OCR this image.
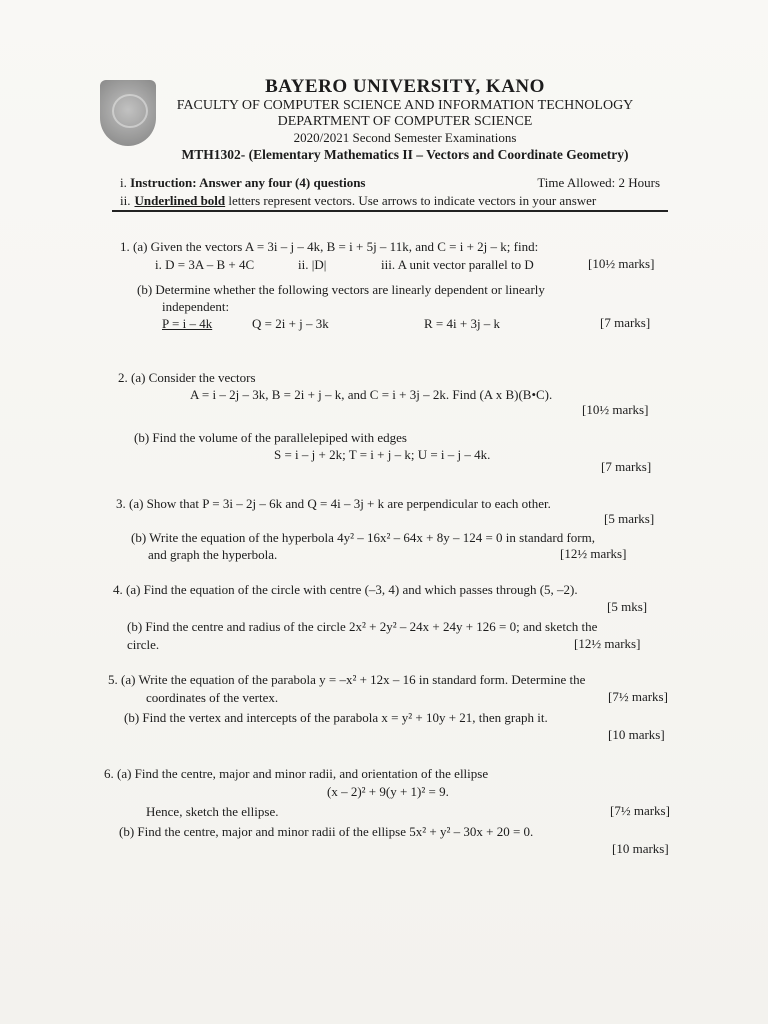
BAYERO UNIVERSITY, KANO
FACULTY OF COMPUTER SCIENCE AND INFORMATION TECHNOLOGY
DEPARTMENT OF COMPUTER SCIENCE
2020/2021 Second Semester Examinations
MTH1302- (Elementary Mathematics II – Vectors and Coordinate Geometry)
i. Instruction: Answer any four (4) questions	Time Allowed: 2 Hours
ii. Underlined bold letters represent vectors. Use arrows to indicate vectors in your answer
1. (a) Given the vectors A = 3i – j – 4k, B = i + 5j – 11k, and C = i + 2j – k; find:
i. D = 3A – B + 4C	ii. |D|	iii. A unit vector parallel to D	[10½ marks]
(b) Determine whether the following vectors are linearly dependent or linearly
independent:
P = i – 4k	Q = 2i + j – 3k	R = 4i + 3j – k	[7 marks]
2. (a) Consider the vectors
A = i – 2j – 3k, B = 2i + j – k, and C = i + 3j – 2k. Find (A x B)(B•C).
[10½ marks]
(b) Find the volume of the parallelepiped with edges
S = i – j + 2k; T = i + j – k; U = i – j – 4k.
[7 marks]
3. (a) Show that P = 3i – 2j – 6k and Q = 4i – 3j + k are perpendicular to each other.
[5 marks]
(b) Write the equation of the hyperbola 4y² – 16x² – 64x + 8y – 124 = 0 in standard form,
and graph the hyperbola.	[12½ marks]
4. (a) Find the equation of the circle with centre (–3, 4) and which passes through (5, –2).
[5 mks]
(b) Find the centre and radius of the circle 2x² + 2y² – 24x + 24y + 126 = 0; and sketch the
circle.	[12½ marks]
5. (a) Write the equation of the parabola y = –x² + 12x – 16 in standard form. Determine the
coordinates of the vertex.	[7½ marks]
(b) Find the vertex and intercepts of the parabola x = y² + 10y + 21, then graph it.
[10 marks]
6. (a) Find the centre, major and minor radii, and orientation of the ellipse
(x – 2)² + 9(y + 1)² = 9.
Hence, sketch the ellipse.	[7½ marks]
(b) Find the centre, major and minor radii of the ellipse 5x² + y² – 30x + 20 = 0.
[10 marks]
